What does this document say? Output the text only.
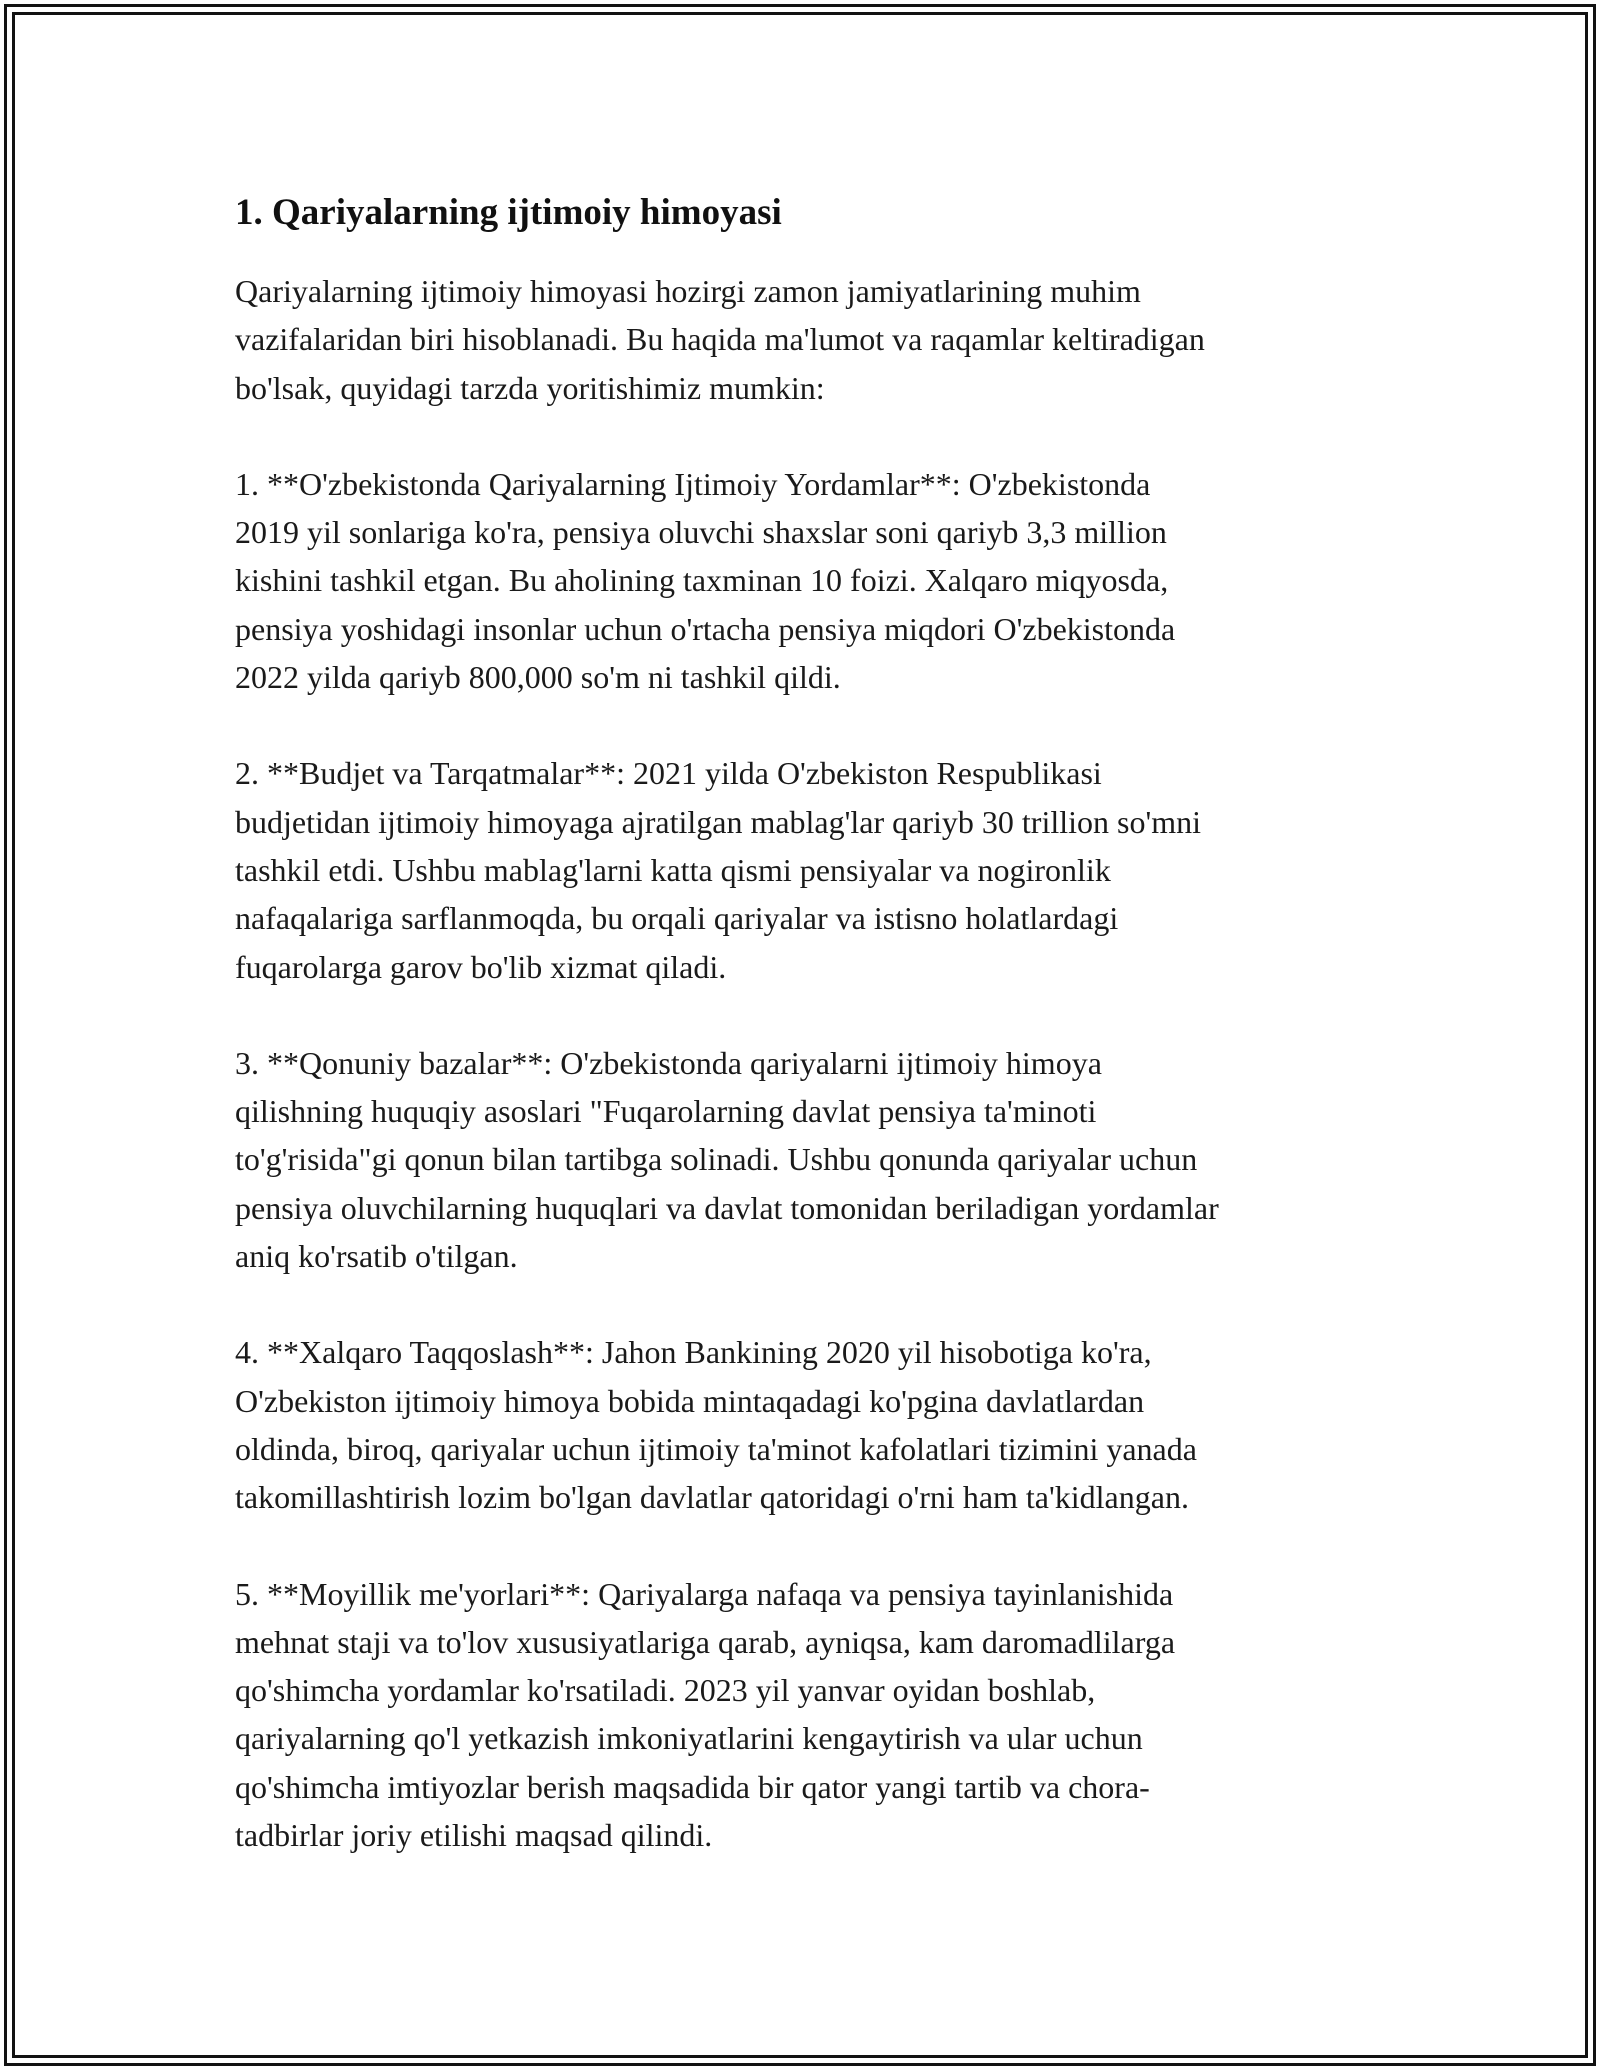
1. Qariyalarning ijtimoiy himoyasi

Qariyalarning ijtimoiy himoyasi hozirgi zamon jamiyatlarining muhim
vazifalaridan biri hisoblanadi. Bu haqida ma'lumot va raqamlar keltiradigan
bo'lsak, quyidagi tarzda yoritishimiz mumkin:

1. **O'zbekistonda Qariyalarning Ijtimoiy Yordamlar**: O'zbekistonda
2019 yil sonlariga ko'ra, pensiya oluvchi shaxslar soni qariyb 3,3 million
kishini tashkil etgan. Bu aholining taxminan 10 foizi. Xalqaro miqyosda,
pensiya yoshidagi insonlar uchun o'rtacha pensiya miqdori O'zbekistonda
2022 yilda qariyb 800,000 so'm ni tashkil qildi.

2. **Budjet va Tarqatmalar**: 2021 yilda O'zbekiston Respublikasi
budjetidan ijtimoiy himoyaga ajratilgan mablag'lar qariyb 30 trillion so'mni
tashkil etdi. Ushbu mablag'larni katta qismi pensiyalar va nogironlik
nafaqalariga sarflanmoqda, bu orqali qariyalar va istisno holatlardagi
fuqarolarga garov bo'lib xizmat qiladi.

3. **Qonuniy bazalar**: O'zbekistonda qariyalarni ijtimoiy himoya
qilishning huquqiy asoslari "Fuqarolarning davlat pensiya ta'minoti
to'g'risida"gi qonun bilan tartibga solinadi. Ushbu qonunda qariyalar uchun
pensiya oluvchilarning huquqlari va davlat tomonidan beriladigan yordamlar
aniq ko'rsatib o'tilgan.

4. **Xalqaro Taqqoslash**: Jahon Bankining 2020 yil hisobotiga ko'ra,
O'zbekiston ijtimoiy himoya bobida mintaqadagi ko'pgina davlatlardan
oldinda, biroq, qariyalar uchun ijtimoiy ta'minot kafolatlari tizimini yanada
takomillashtirish lozim bo'lgan davlatlar qatoridagi o'rni ham ta'kidlangan.

5. **Moyillik me'yorlari**: Qariyalarga nafaqa va pensiya tayinlanishida
mehnat staji va to'lov xususiyatlariga qarab, ayniqsa, kam daromadlilarga
qo'shimcha yordamlar ko'rsatiladi. 2023 yil yanvar oyidan boshlab,
qariyalarning qo'l yetkazish imkoniyatlarini kengaytirish va ular uchun
qo'shimcha imtiyozlar berish maqsadida bir qator yangi tartib va chora-
tadbirlar joriy etilishi maqsad qilindi.
